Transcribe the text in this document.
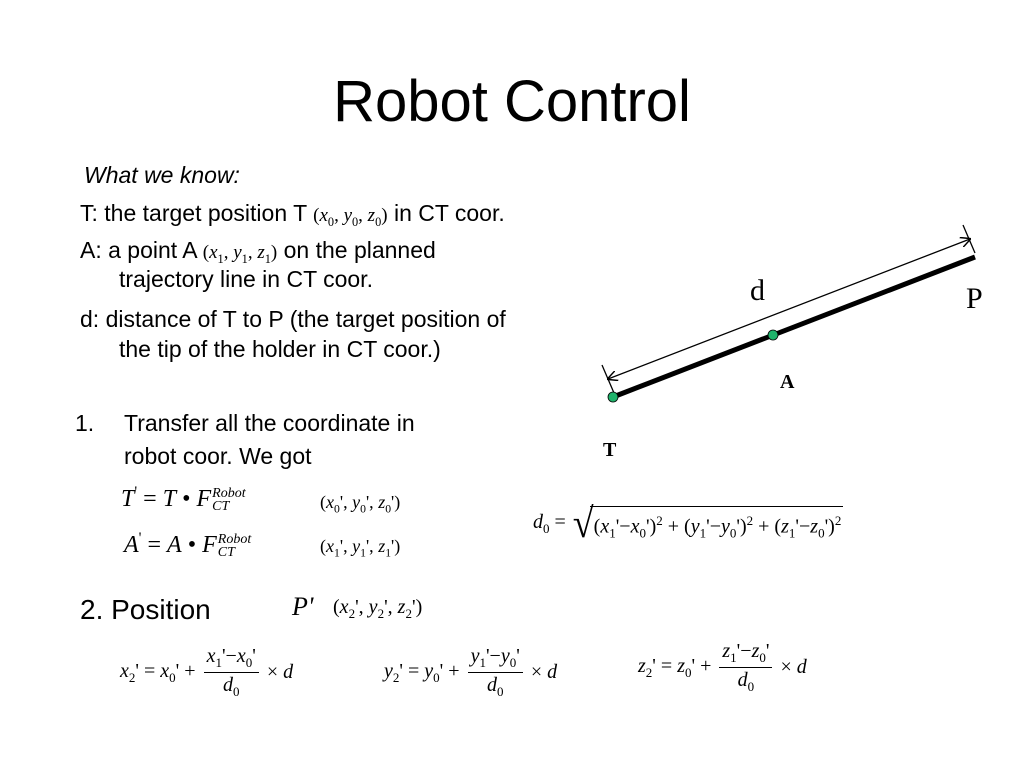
Robot Control
What we know:
T: the target position T ($x_0$, $y_0$, $z_0$) in CT coor.
A: a point A ($x_1$, $y_1$, $z_1$) on the planned
trajectory line in CT coor.
d: distance of T to P (the target position of
the tip of the holder in CT coor.)
d	P
A
T
1. Transfer all the coordinate in
robot coor. We got
T' = T • F Robot
CT	($x_0'$, $y_0'$, $z_0'$)
A' = A • F Robot
CT	($x_1'$, $y_1'$, $z_1'$)
$d_0 = √(x_1'-x_0')^2 + (y_1'-y_0')^2 + (z_1'-z_0')^2$
2. Position	P' ($x_2'$, $y_2'$, $z_2'$)
$x_2' = x_0' + \frac{x_1'-x_0'}{d_0} \times d$	$y_2' = y_0' + \frac{y_1'-y_0'}{d_0} \times d$	$z_2' = z_0' + \frac{z_1'-z_0'}{d_0} \times d$
